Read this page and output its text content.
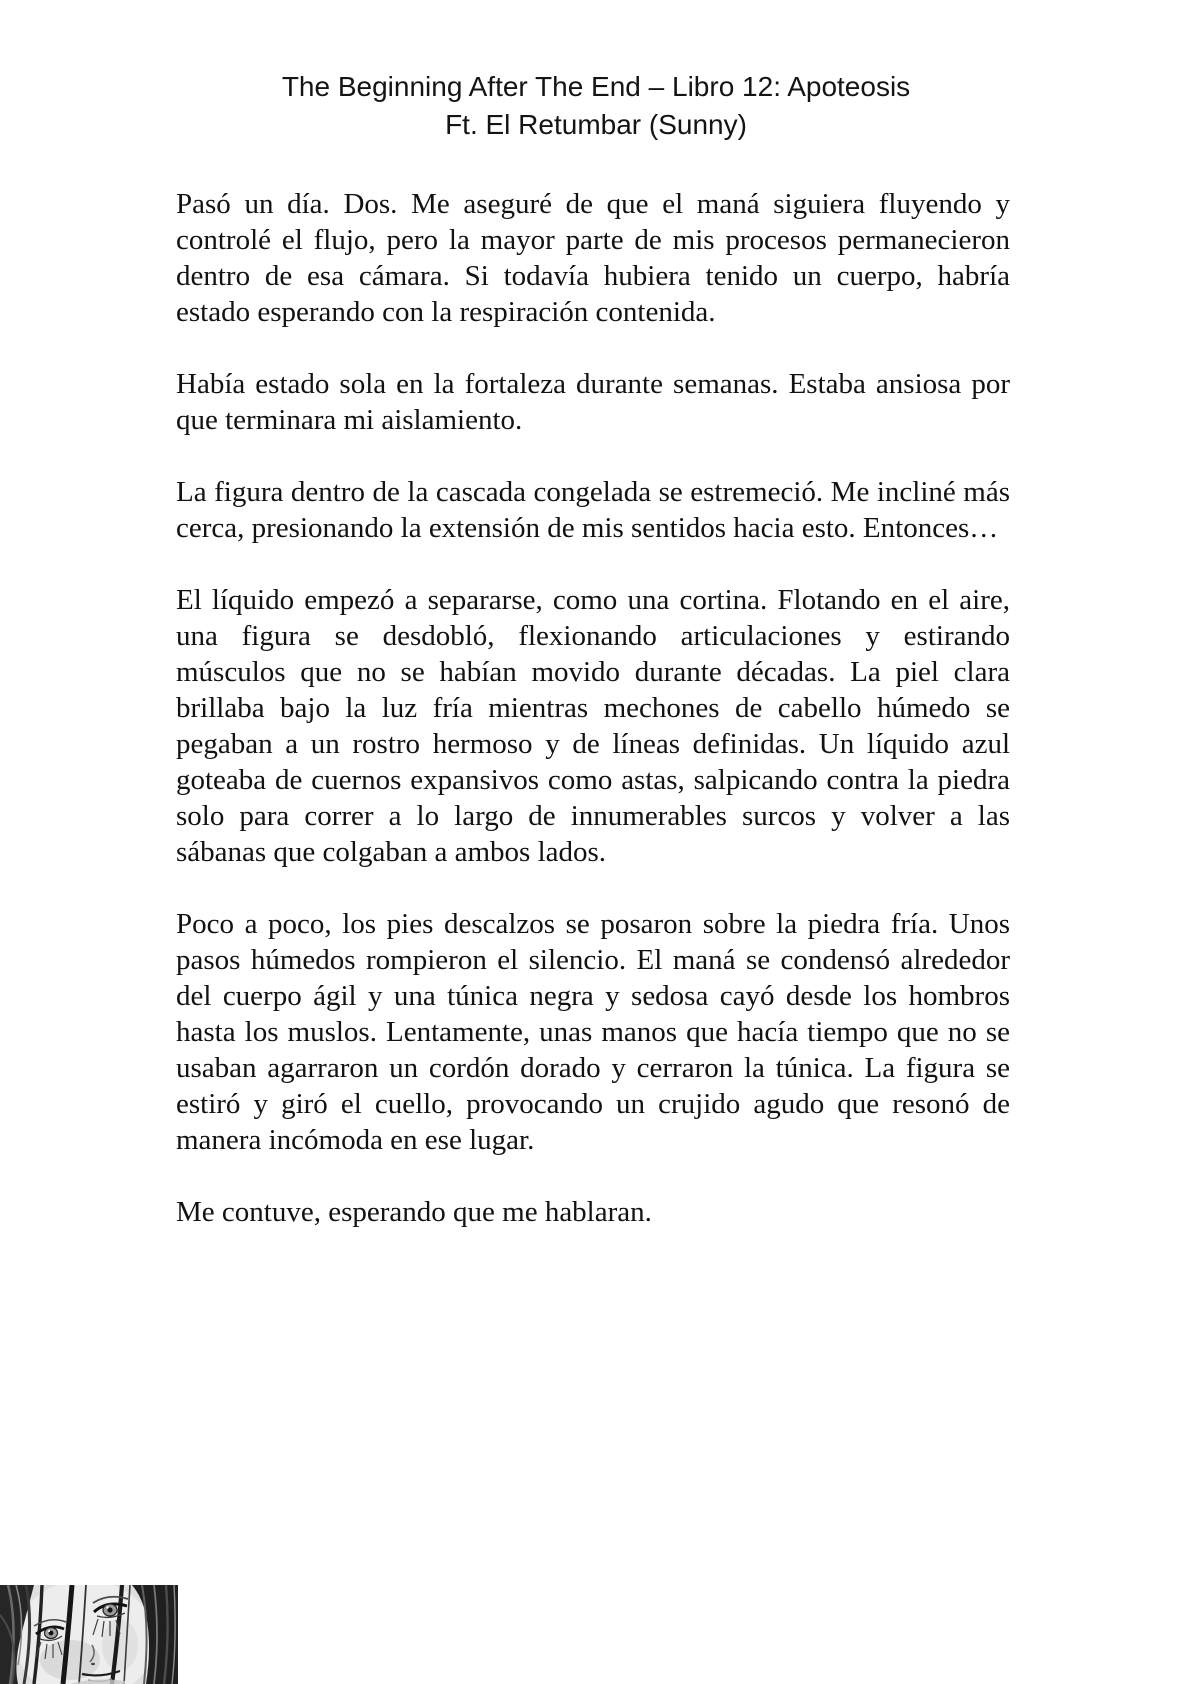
The Beginning After The End – Libro 12: Apoteosis
Ft. El Retumbar (Sunny)

Pasó un día. Dos. Me aseguré de que el maná siguiera fluyendo y controlé el flujo, pero la mayor parte de mis procesos permanecieron dentro de esa cámara. Si todavía hubiera tenido un cuerpo, habría estado esperando con la respiración contenida.

Había estado sola en la fortaleza durante semanas. Estaba ansiosa por que terminara mi aislamiento.

La figura dentro de la cascada congelada se estremeció. Me incliné más cerca, presionando la extensión de mis sentidos hacia esto. Entonces…

El líquido empezó a separarse, como una cortina. Flotando en el aire, una figura se desdobló, flexionando articulaciones y estirando músculos que no se habían movido durante décadas. La piel clara brillaba bajo la luz fría mientras mechones de cabello húmedo se pegaban a un rostro hermoso y de líneas definidas. Un líquido azul goteaba de cuernos expansivos como astas, salpicando contra la piedra solo para correr a lo largo de innumerables surcos y volver a las sábanas que colgaban a ambos lados.

Poco a poco, los pies descalzos se posaron sobre la piedra fría. Unos pasos húmedos rompieron el silencio. El maná se condensó alrededor del cuerpo ágil y una túnica negra y sedosa cayó desde los hombros hasta los muslos. Lentamente, unas manos que hacía tiempo que no se usaban agarraron un cordón dorado y cerraron la túnica. La figura se estiró y giró el cuello, provocando un crujido agudo que resonó de manera incómoda en ese lugar.

Me contuve, esperando que me hablaran.
